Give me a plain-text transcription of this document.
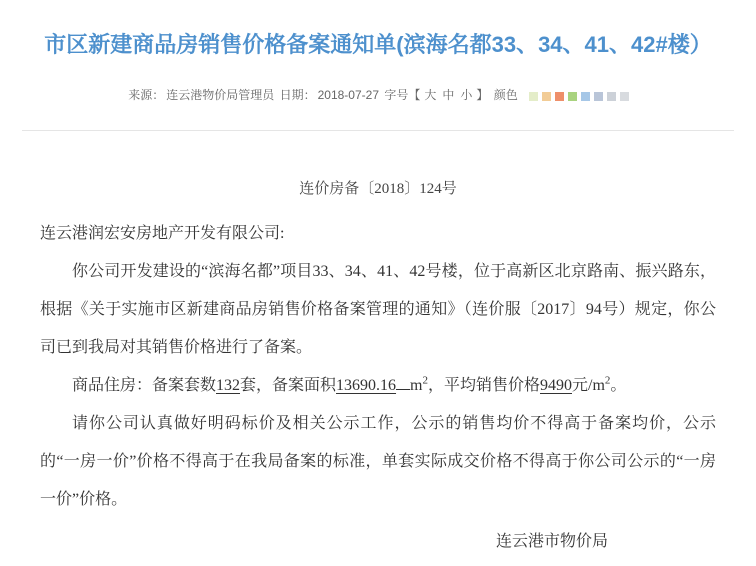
市区新建商品房销售价格备案通知单(滨海名都33、34、41、42#楼）
来源： 连云港物价局管理员 日期： 2018-07-27 字号【 大 中 小 】 颜色

连价房备〔2018〕124号

连云港润宏安房地产开发有限公司:

你公司开发建设的“滨海名都”项目33、34、41、42号楼，位于高新区北京路南、振兴路东，根据《关于实施市区新建商品房销售价格备案管理的通知》（连价服〔2017〕94号）规定，你公司已到我局对其销售价格进行了备案。

商品住房：备案套数132套，备案面积13690.16 $m^2$，平均销售价格9490元$/m^2$。

请你公司认真做好明码标价及相关公示工作，公示的销售均价不得高于备案均价，公示的“一房一价”价格不得高于在我局备案的标准，单套实际成交价格不得高于你公司公示的“一房一价”价格。

连云港市物价局
